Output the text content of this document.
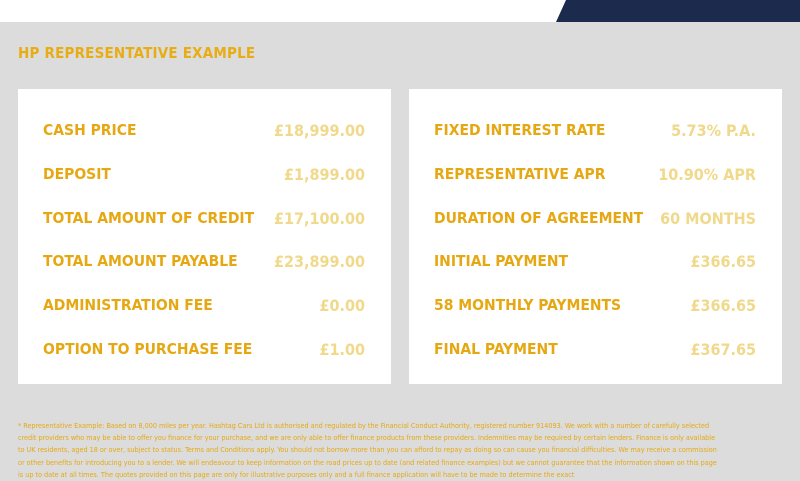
HP REPRESENTATIVE EXAMPLE
CASH PRICE	£18,999.00
DEPOSIT	£1,899.00
TOTAL AMOUNT OF CREDIT £17,100.00
TOTAL AMOUNT PAYABLE £23,899.00
ADMINISTRATION FEE	£0.00
OPTION TO PURCHASE FEE	£1.00
FIXED INTEREST RATE	5.73% P.A.
REPRESENTATIVE APR	10.90% APR
DURATION OF AGREEMENT 60 MONTHS
INITIAL PAYMENT	£366.65
58 MONTHLY PAYMENTS	£366.65
FINAL PAYMENT	£367.65

* Representative Example: Based on 8,000 miles per year. Hashtag Cars Ltd is authorised and regulated by the Financial Conduct Authority, registered number 914093. We work with a number of carefully selected credit providers who may be able to offer you finance for your purchase, and we are only able to offer finance products from these providers. Indemnities may be required by certain lenders. Finance is only available to UK residents, aged 18 or over, subject to status. Terms and Conditions apply. You should not borrow more than you can afford to repay as doing so can cause you financial difficulties. We may receive a commission or other benefits for introducing you to a lender. We will endeavour to keep information on the road prices up to date (and related finance examples) but we cannot guarantee that the information shown on this page is up to date at all times. The quotes provided on this page are only for illustrative purposes only and a full finance application will have to be made to determine the exact
